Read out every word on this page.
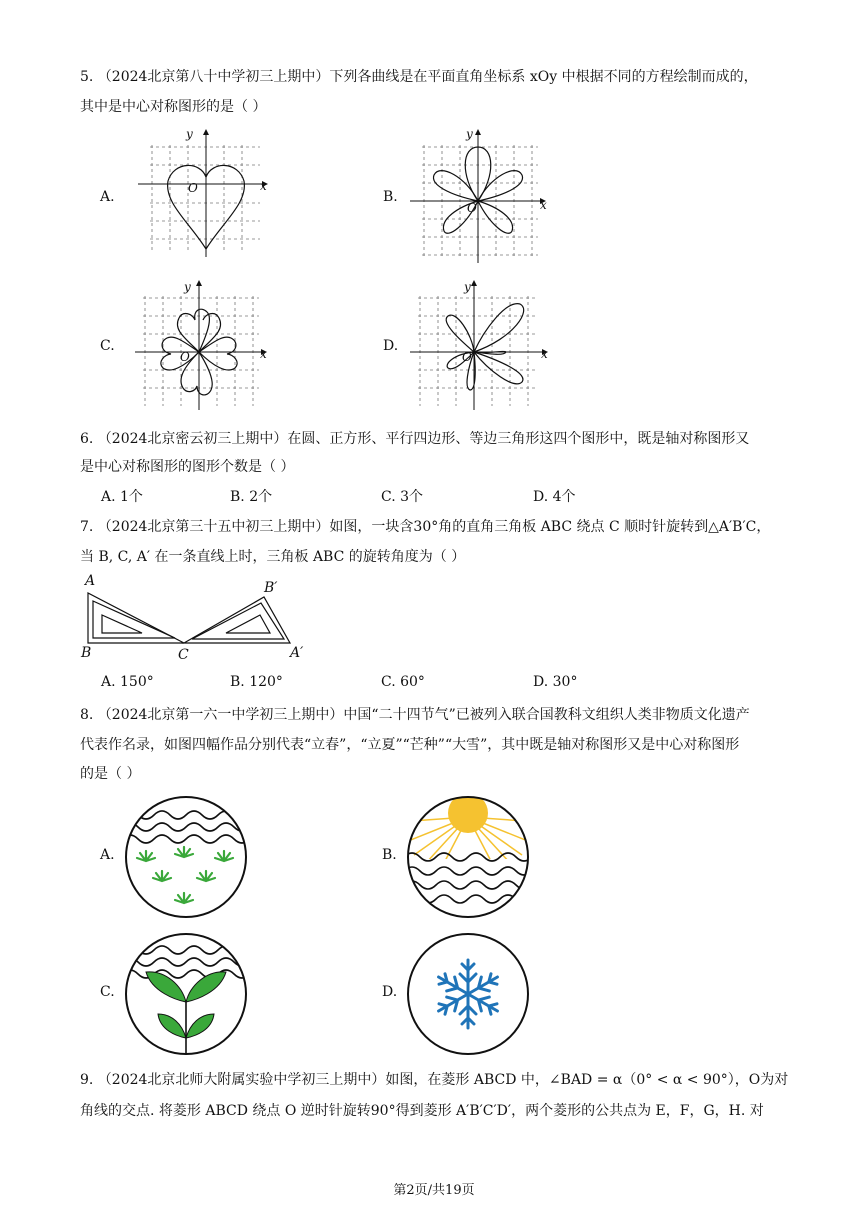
5. （2024北京第八十中学初三上期中）下列各曲线是在平面直角坐标系 xOy 中根据不同的方程绘制而成的，
其中是中心对称图形的是（ ）
A.	B.
C.	D.
y
x
O
y
x
O
y
x
O
y
x
O
6. （2024北京密云初三上期中）在圆、正方形、平行四边形、等边三角形这四个图形中，既是轴对称图形又
是中心对称图形的图形个数是（ ）
A. 1个	B. 2个	C. 3个	D. 4个
7. （2024北京第三十五中初三上期中）如图，一块含30°角的直角三角板 ABC 绕点 C 顺时针旋转到△A′B′C，
当 B, C, A′ 在一条直线上时，三角板 ABC 的旋转角度为（ ）
A
B	C
B′
A′
A. 150°	B. 120°	C. 60°	D. 30°
8. （2024北京第一六一中学初三上期中）中国“二十四节气”已被列入联合国教科文组织人类非物质文化遗产
代表作名录，如图四幅作品分别代表“立春”，“立夏”“芒种”“大雪”，其中既是轴对称图形又是中心对称图形
的是（ ）
A.	B.
C.	D.
9. （2024北京北师大附属实验中学初三上期中）如图，在菱形 ABCD 中，∠BAD = α（0° < α < 90°），O为对
角线的交点. 将菱形 ABCD 绕点 O 逆时针旋转90°得到菱形 A′B′C′D′，两个菱形的公共点为 E，F，G，H. 对
第2页/共19页
